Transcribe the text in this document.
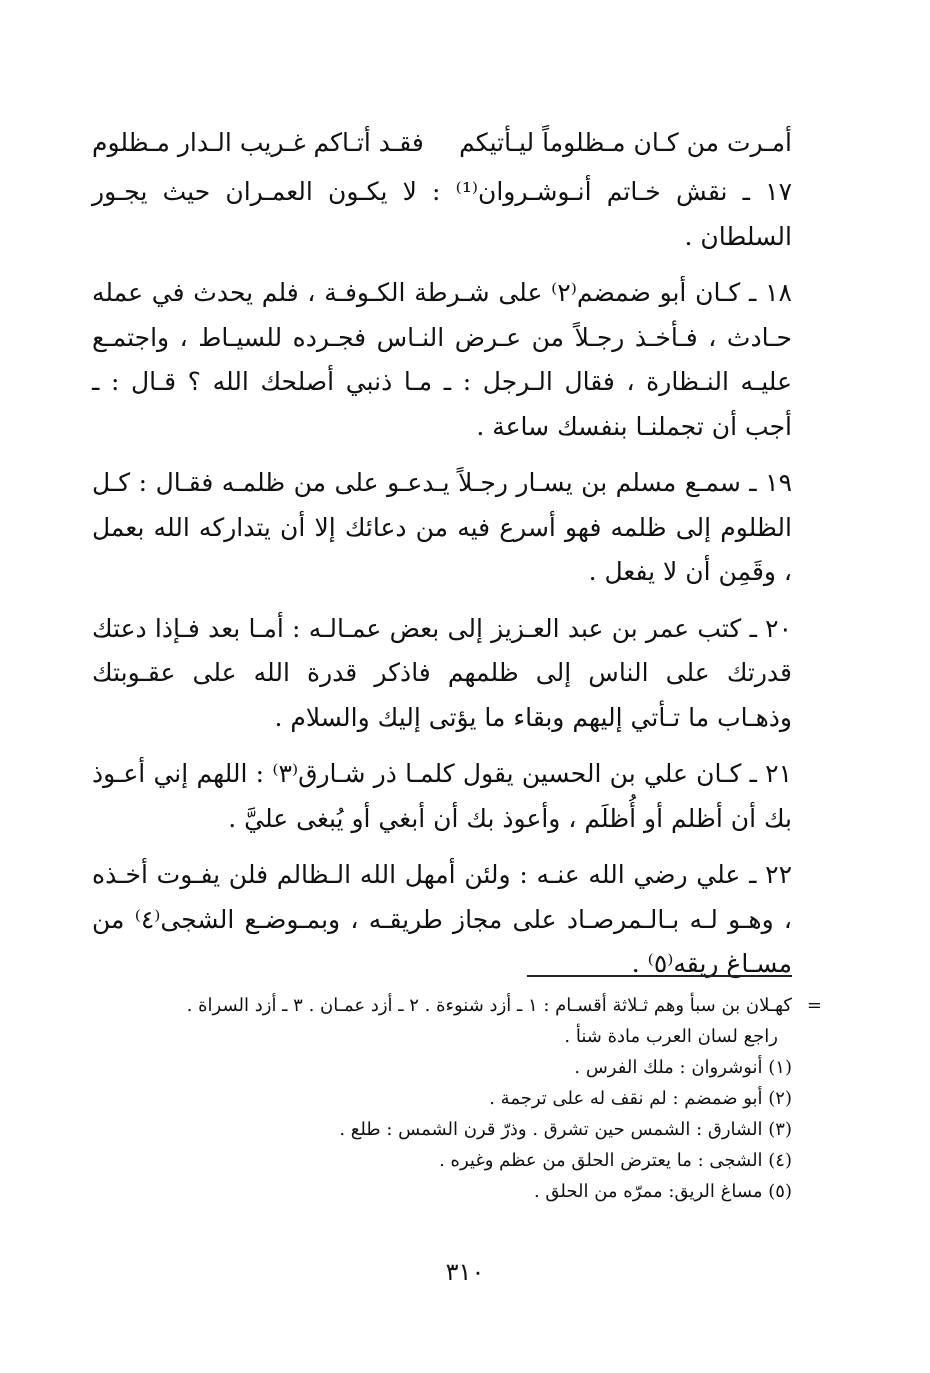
أمـرت من كـان مـظلوماً ليـأتيكم
فقـد أتـاكم غـريب الـدار مـظلوم

١٧ ـ نقش خـاتم أنـوشـروان⁽¹⁾ : لا يكـون العمـران حيث يجـور السلطان .

١٨ ـ كـان أبو ضمضم⁽٢⁾ على شـرطة الكـوفـة ، فلم يحدث في عمله حـادث ، فـأخـذ رجـلاً من عـرض النـاس فجـرده للسيـاط ، واجتمـع عليـه النـظارة ، فقال الـرجل : ـ مـا ذنبي أصلحك الله ؟ قـال : ـ أجب أن تجملنـا بنفسك ساعة .

١٩ ـ سمـع مسلم بن يسـار رجـلاً يـدعـو على من ظلمـه فقـال : كـل الظلوم إلى ظلمه فهو أسرع فيه من دعائك إلا أن يتداركه الله بعمل ، وقَمِن أن لا يفعل .

٢٠ ـ كتب عمر بن عبد العـزيز إلى بعض عمـالـه : أمـا بعد فـإذا دعتك قدرتك على الناس إلى ظلمهم فاذكر قدرة الله على عقـوبتك وذهـاب ما تـأتي إليهم وبقاء ما يؤتى إليك والسلام .

٢١ ـ كـان علي بن الحسين يقول كلمـا ذر شـارق⁽٣⁾ : اللهم إني أعـوذ بك أن أظلم أو أُظلَم ، وأعوذ بك أن أبغي أو يُبغى عليَّ .

٢٢ ـ علي رضي الله عنـه : ولئن أمهل الله الـظالم فلن يفـوت أخـذه ، وهـو لـه بـالـمرصـاد على مجاز طريقـه ، وبمـوضـع الشجى⁽٤⁾ من مسـاغ ريقه⁽٥⁾ .

=

كهـلان بن سبأ وهم ثـلاثة أقسـام : ١ ـ أزد شنوءة . ٢ ـ أزد عمـان . ٣ ـ أزد السراة .

راجع لسان العرب مادة شنأ .

(١) أنوشروان : ملك الفرس .

(٢) أبو ضمضم : لم نقف له على ترجمة .

(٣) الشارق : الشمس حين تشرق . وذرّ قرن الشمس : طلع .

(٤) الشجى : ما يعترض الحلق من عظم وغيره .

(٥) مساغ الريق: ممرّه من الحلق .

٣١٠
